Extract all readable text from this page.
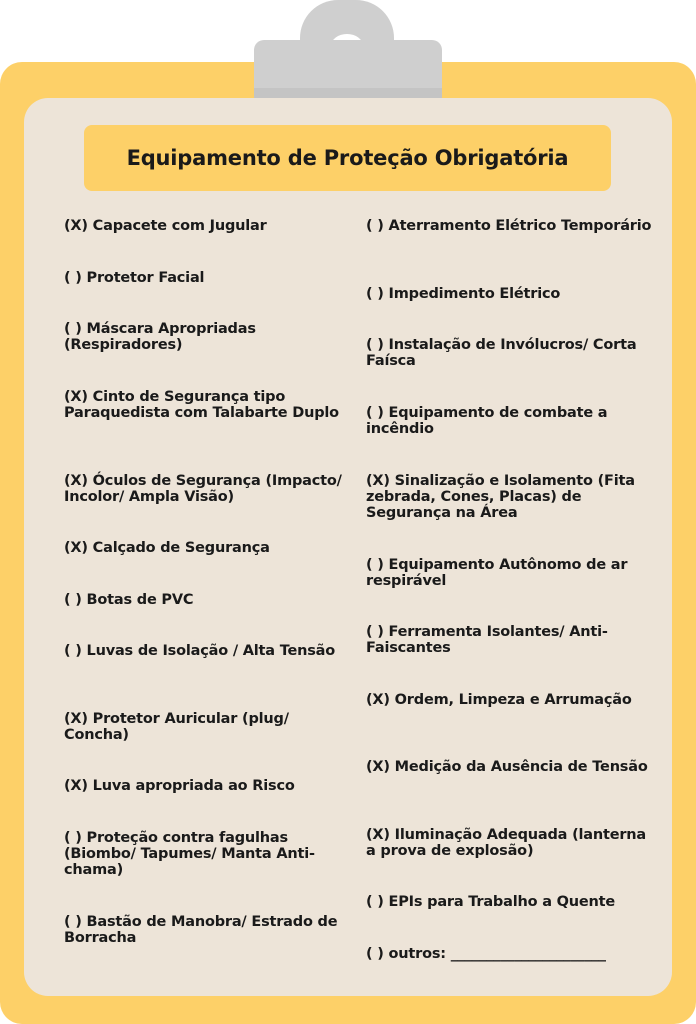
Equipamento de Proteção Obrigatória
(X) Capacete com Jugular
( ) Protetor Facial
( ) Máscara Apropriadas (Respiradores)
(X) Cinto de Segurança tipo Paraquedista com Talabarte Duplo
(X) Óculos de Segurança (Impacto/ Incolor/ Ampla Visão)
(X) Calçado de Segurança
( ) Botas de PVC
( ) Luvas de Isolação / Alta Tensão
(X) Protetor Auricular (plug/ Concha)
(X) Luva apropriada ao Risco
( ) Proteção contra fagulhas (Biombo/ Tapumes/ Manta Anti-chama)
( ) Bastão de Manobra/ Estrado de Borracha
( ) Aterramento Elétrico Temporário
( ) Impedimento Elétrico
( ) Instalação de Invólucros/ Corta Faísca
( ) Equipamento de combate a incêndio
(X) Sinalização e Isolamento (Fita zebrada, Cones, Placas) de Segurança na Área
( ) Equipamento Autônomo de ar respirável
( ) Ferramenta Isolantes/ Anti-Faiscantes
(X) Ordem, Limpeza e Arrumação
(X) Medição da Ausência de Tensão
(X) Iluminação Adequada (lanterna a prova de explosão)
( ) EPIs para Trabalho a Quente
( ) outros: ______________________
